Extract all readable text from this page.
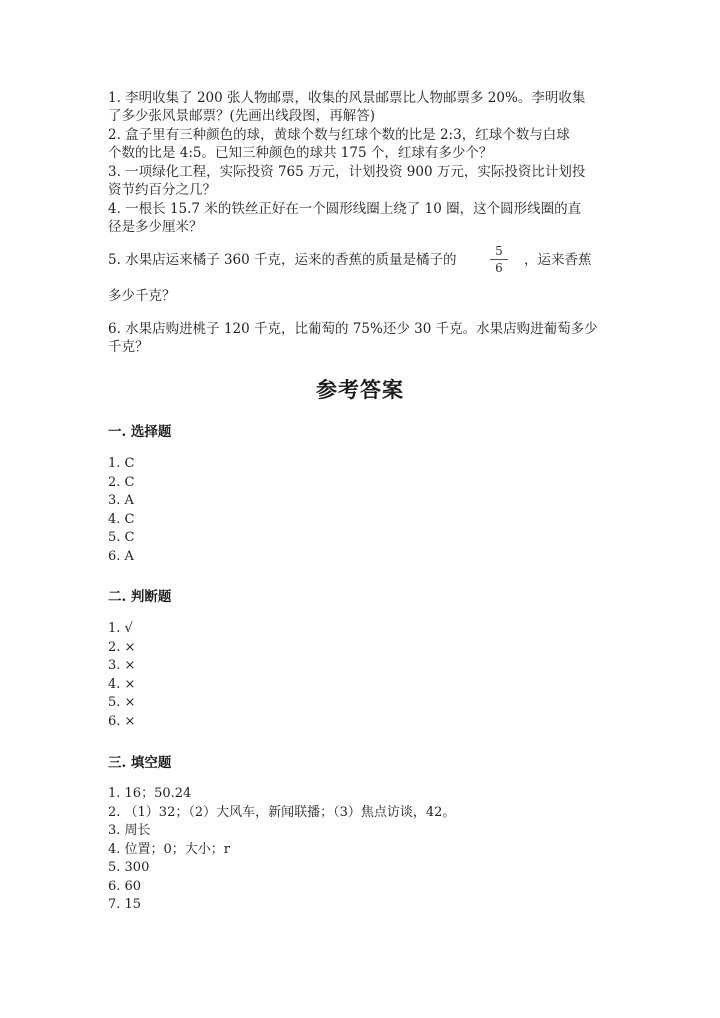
1. 李明收集了 200 张人物邮票，收集的风景邮票比人物邮票多 20%。李明收集
了多少张风景邮票？(先画出线段图，再解答)
2. 盒子里有三种颜色的球，黄球个数与红球个数的比是 2:3，红球个数与白球
个数的比是 4:5。已知三种颜色的球共 175 个，红球有多少个？
3. 一项绿化工程，实际投资 765 万元，计划投资 900 万元，实际投资比计划投
资节约百分之几？
4. 一根长 15.7 米的铁丝正好在一个圆形线圈上绕了 10 圈，这个圆形线圈的直
径是多少厘米？
5. 水果店运来橘子 360 千克，运来的香蕉的质量是橘子的
5
6	，运来香蕉
多少千克？
6. 水果店购进桃子 120 千克，比葡萄的 75%还少 30 千克。水果店购进葡萄多少
千克？
参考答案
一. 选择题
1. C
2. C
3. A
4. C
5. C
6. A
二. 判断题
1. √
2. ×
3. ×
4. ×
5. ×
6. ×
三. 填空题
1. 16；50.24
2. （1）32；（2）大风车，新闻联播；（3）焦点访谈，42。
3. 周长
4. 位置；0；大小；r
5. 300
6. 60
7. 15
